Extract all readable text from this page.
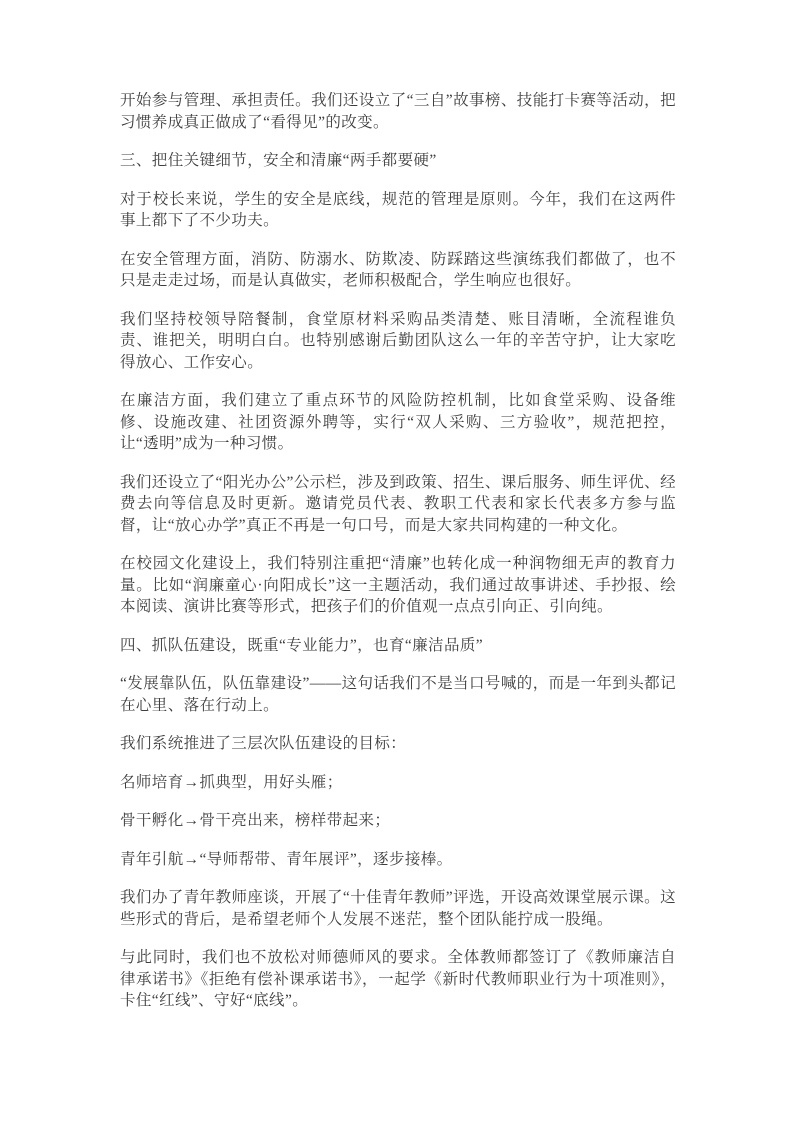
开始参与管理、承担责任。我们还设立了“三自”故事榜、技能打卡赛等活动，把习惯养成真正做成了“看得见”的改变。

三、把住关键细节，安全和清廉“两手都要硬”

对于校长来说，学生的安全是底线，规范的管理是原则。今年，我们在这两件事上都下了不少功夫。

在安全管理方面，消防、防溺水、防欺凌、防踩踏这些演练我们都做了，也不只是走走过场，而是认真做实，老师积极配合，学生响应也很好。

我们坚持校领导陪餐制，食堂原材料采购品类清楚、账目清晰，全流程谁负责、谁把关，明明白白。也特别感谢后勤团队这么一年的辛苦守护，让大家吃得放心、工作安心。

在廉洁方面，我们建立了重点环节的风险防控机制，比如食堂采购、设备维修、设施改建、社团资源外聘等，实行“双人采购、三方验收”，规范把控，让“透明”成为一种习惯。

我们还设立了“阳光办公”公示栏，涉及到政策、招生、课后服务、师生评优、经费去向等信息及时更新。邀请党员代表、教职工代表和家长代表多方参与监督，让“放心办学”真正不再是一句口号，而是大家共同构建的一种文化。

在校园文化建设上，我们特别注重把“清廉”也转化成一种润物细无声的教育力量。比如“润廉童心·向阳成长”这一主题活动，我们通过故事讲述、手抄报、绘本阅读、演讲比赛等形式，把孩子们的价值观一点点引向正、引向纯。

四、抓队伍建设，既重“专业能力”，也育“廉洁品质”

“发展靠队伍，队伍靠建设”——这句话我们不是当口号喊的，而是一年到头都记在心里、落在行动上。

我们系统推进了三层次队伍建设的目标：

名师培育→抓典型，用好头雁；

骨干孵化→骨干亮出来，榜样带起来；

青年引航→“导师帮带、青年展评”，逐步接棒。

我们办了青年教师座谈，开展了“十佳青年教师”评选，开设高效课堂展示课。这些形式的背后，是希望老师个人发展不迷茫，整个团队能拧成一股绳。

与此同时，我们也不放松对师德师风的要求。全体教师都签订了《教师廉洁自律承诺书》《拒绝有偿补课承诺书》，一起学《新时代教师职业行为十项准则》，卡住“红线”、守好“底线”。
